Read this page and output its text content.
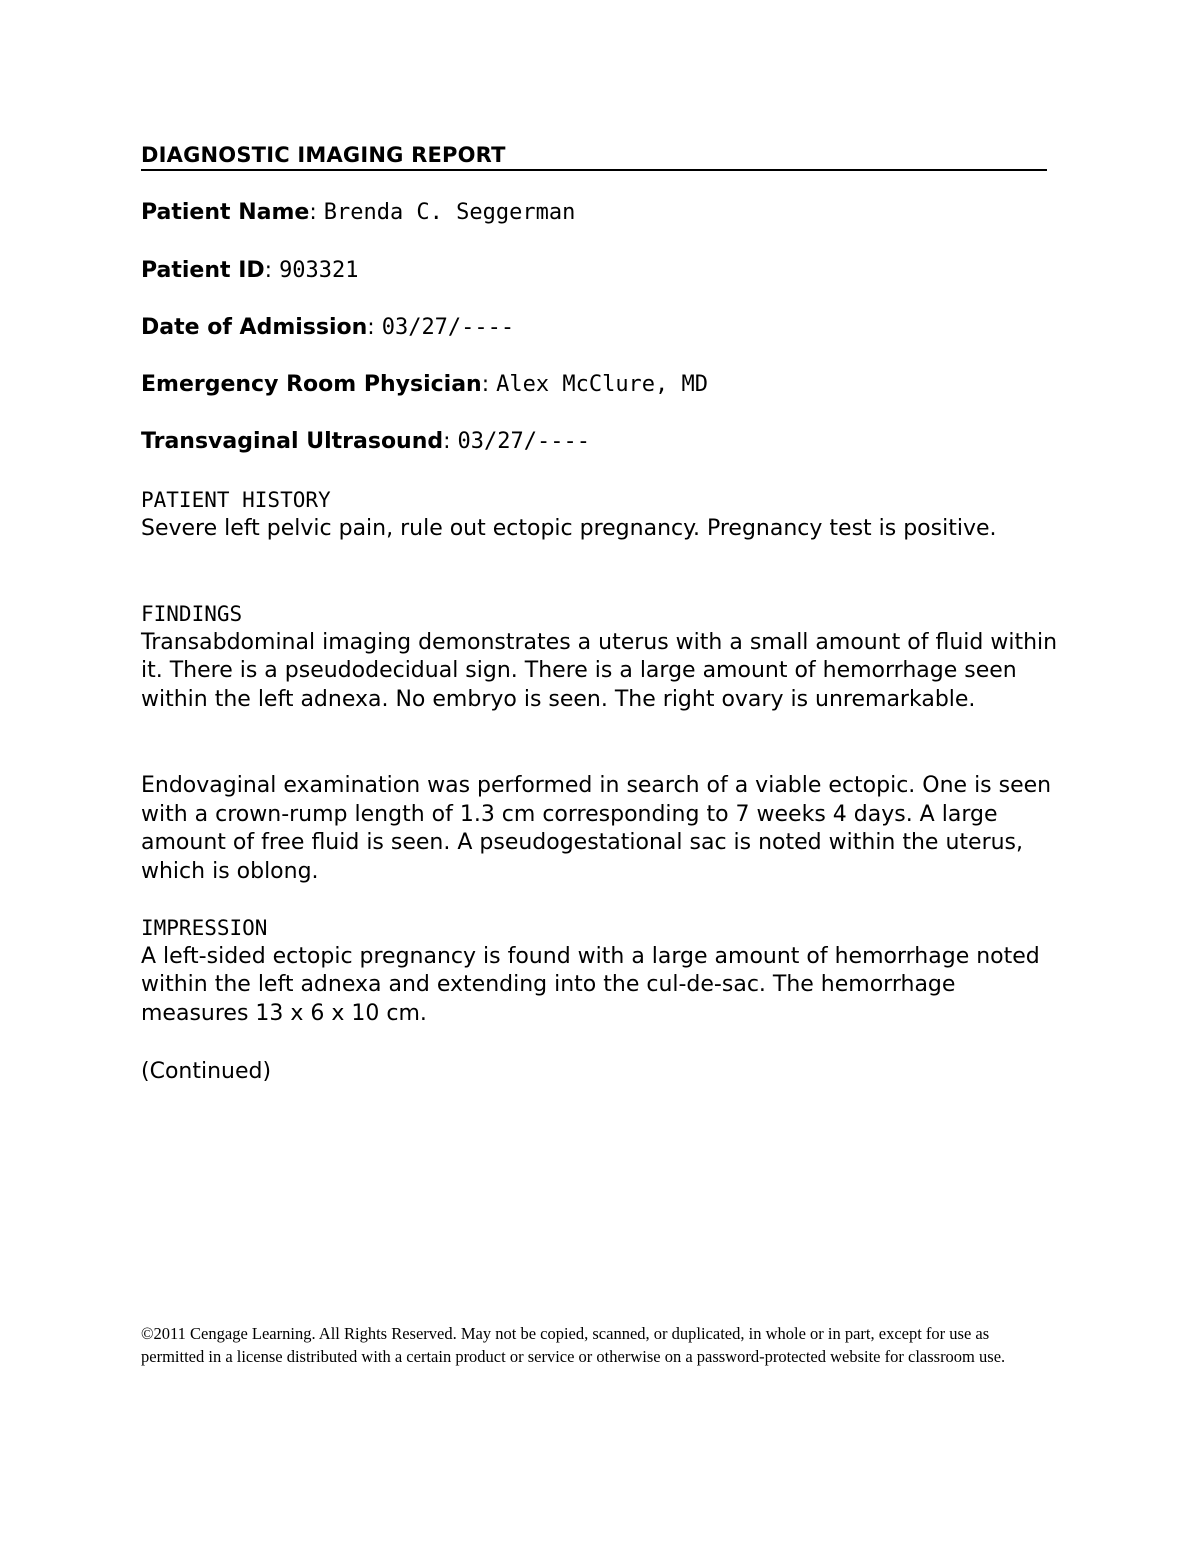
DIAGNOSTIC IMAGING REPORT
Patient Name: Brenda C. Seggerman
Patient ID: 903321
Date of Admission: 03/27/----
Emergency Room Physician: Alex McClure, MD
Transvaginal Ultrasound: 03/27/----
PATIENT HISTORY

Severe left pelvic pain, rule out ectopic pregnancy. Pregnancy test is positive.

FINDINGS

Transabdominal imaging demonstrates a uterus with a small amount of fluid within it. There is a pseudodecidual sign. There is a large amount of hemorrhage seen within the left adnexa. No embryo is seen. The right ovary is unremarkable.

Endovaginal examination was performed in search of a viable ectopic. One is seen with a crown-rump length of 1.3 cm corresponding to 7 weeks 4 days. A large amount of free fluid is seen. A pseudogestational sac is noted within the uterus, which is oblong.

IMPRESSION

A left-sided ectopic pregnancy is found with a large amount of hemorrhage noted within the left adnexa and extending into the cul-de-sac. The hemorrhage measures 13 x 6 x 10 cm.

(Continued)

©2011 Cengage Learning. All Rights Reserved. May not be copied, scanned, or duplicated, in whole or in part, except for use as permitted in a license distributed with a certain product or service or otherwise on a password-protected website for classroom use.
